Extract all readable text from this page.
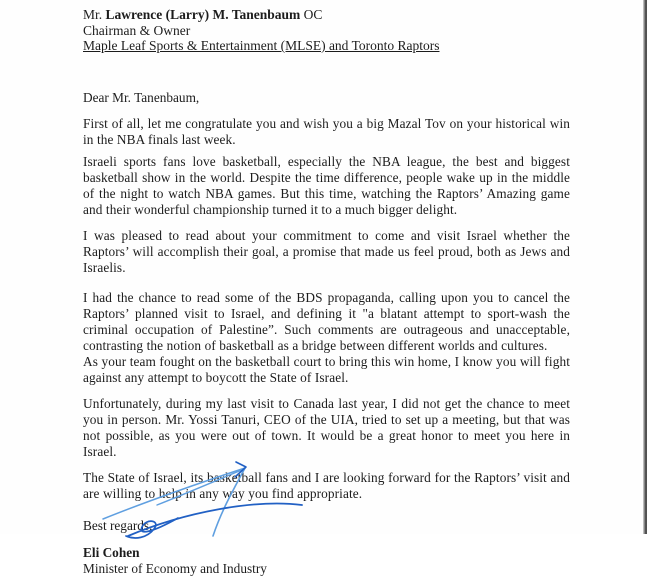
Mr. Lawrence (Larry) M. Tanenbaum OC
Chairman & Owner
Maple Leaf Sports & Entertainment (MLSE) and Toronto Raptors

Dear Mr. Tanenbaum,

First of all, let me congratulate you and wish you a big Mazal Tov on your historical win in the NBA finals last week.

Israeli sports fans love basketball, especially the NBA league, the best and biggest basketball show in the world. Despite the time difference, people wake up in the middle of the night to watch NBA games. But this time, watching the Raptors’ Amazing game and their wonderful championship turned it to a much bigger delight.

I was pleased to read about your commitment to come and visit Israel whether the Raptors’ will accomplish their goal, a promise that made us feel proud, both as Jews and Israelis.

I had the chance to read some of the BDS propaganda, calling upon you to cancel the Raptors’ planned visit to Israel, and defining it "a blatant attempt to sport-wash the criminal occupation of Palestine”. Such comments are outrageous and unacceptable, contrasting the notion of basketball as a bridge between different worlds and cultures.

As your team fought on the basketball court to bring this win home, I know you will fight against any attempt to boycott the State of Israel.

Unfortunately, during my last visit to Canada last year, I did not get the chance to meet you in person. Mr. Yossi Tanuri, CEO of the UIA, tried to set up a meeting, but that was not possible, as you were out of town. It would be a great honor to meet you here in Israel.

The State of Israel, its basketball fans and I are looking forward for the Raptors’ visit and are willing to help in any way you find appropriate.

Best regards,

Eli Cohen

Minister of Economy and Industry
